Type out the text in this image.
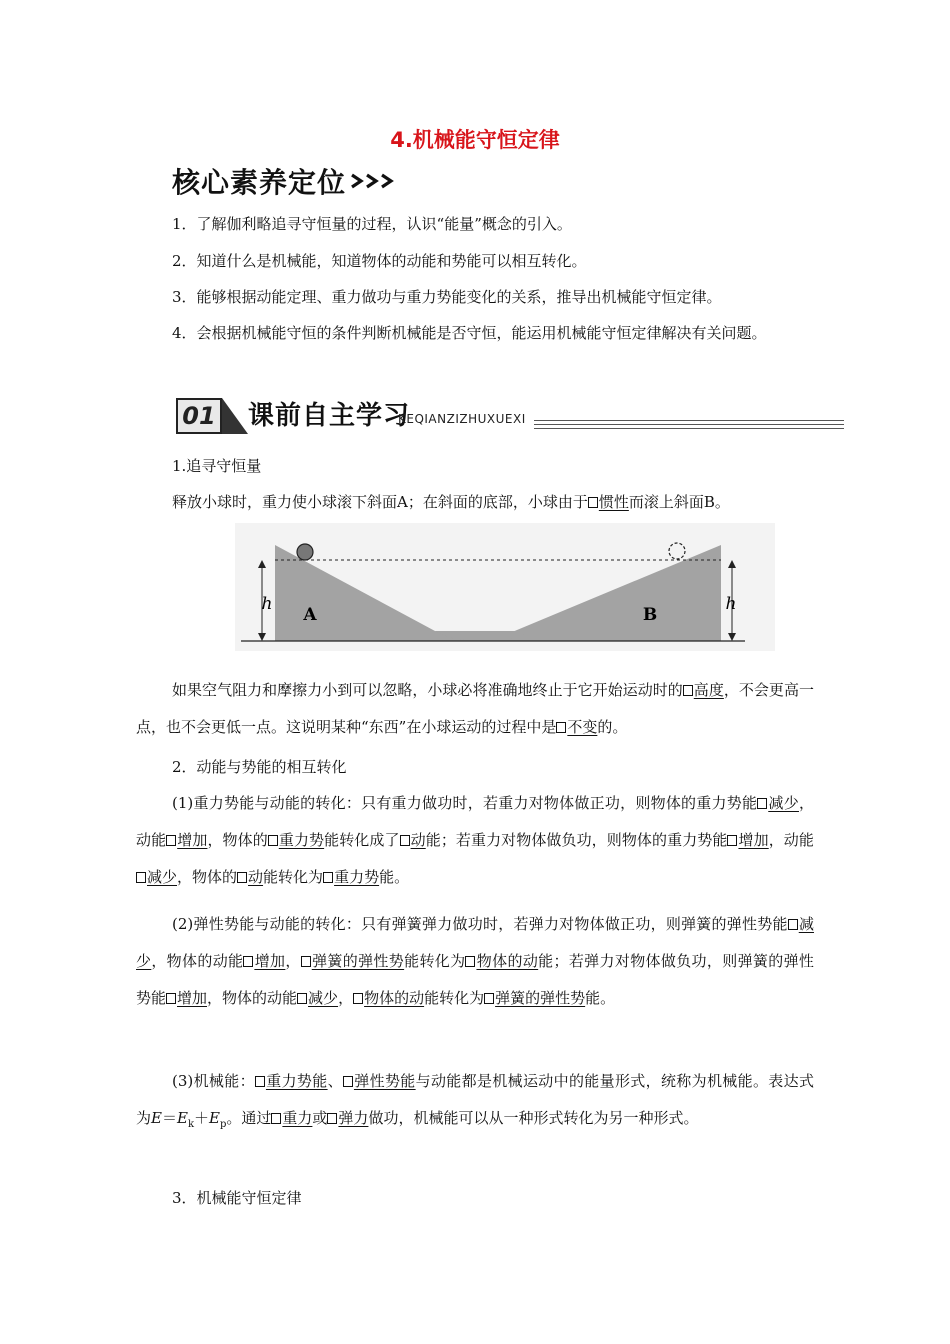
4.机械能守恒定律
核心素养定位

1．了解伽利略追寻守恒量的过程，认识“能量”概念的引入。

2．知道什么是机械能，知道物体的动能和势能可以相互转化。

3．能够根据动能定理、重力做功与重力势能变化的关系，推导出机械能守恒定律。

4．会根据机械能守恒的条件判断机械能是否守恒，能运用机械能守恒定律解决有关问题。

01 课前自主学习
KEQIANZIZHUXUEXI

1.追寻守恒量

释放小球时，重力使小球滚下斜面A；在斜面的底部，小球由于 惯性而滚上斜面B。

h	h
A	B

如果空气阻力和摩擦力小到可以忽略，小球必将准确地终止于它开始运动时的 高度，不会更高一点，也不会更低一点。这说明某种“东西”在小球运动的过程中是 不变的。

2．动能与势能的相互转化

(1)重力势能与动能的转化：只有重力做功时，若重力对物体做正功，则物体的重力势能 减少，动能 增加，物体的 重力势能转化成了 动能；若重力对物体做负功，则物体的重力势能 增加，动能减少，物体的 动能转化为 重力势能。

(2)弹性势能与动能的转化：只有弹簧弹力做功时，若弹力对物体做正功，则弹簧的弹性势能 减少，物体的动能 增加， 弹簧的弹性势能转化为 物体的动能；若弹力对物体做负功，则弹簧的弹性势能 增加，物体的动能 减少， 物体的动能转化为 弹簧的弹性势能。

(3)机械能： 重力势能、 弹性势能与动能都是机械运动中的能量形式，统称为机械能。表达式为$E=E_k+E_p$。通过 重力或 弹力做功，机械能可以从一种形式转化为另一种形式。

3．机械能守恒定律
